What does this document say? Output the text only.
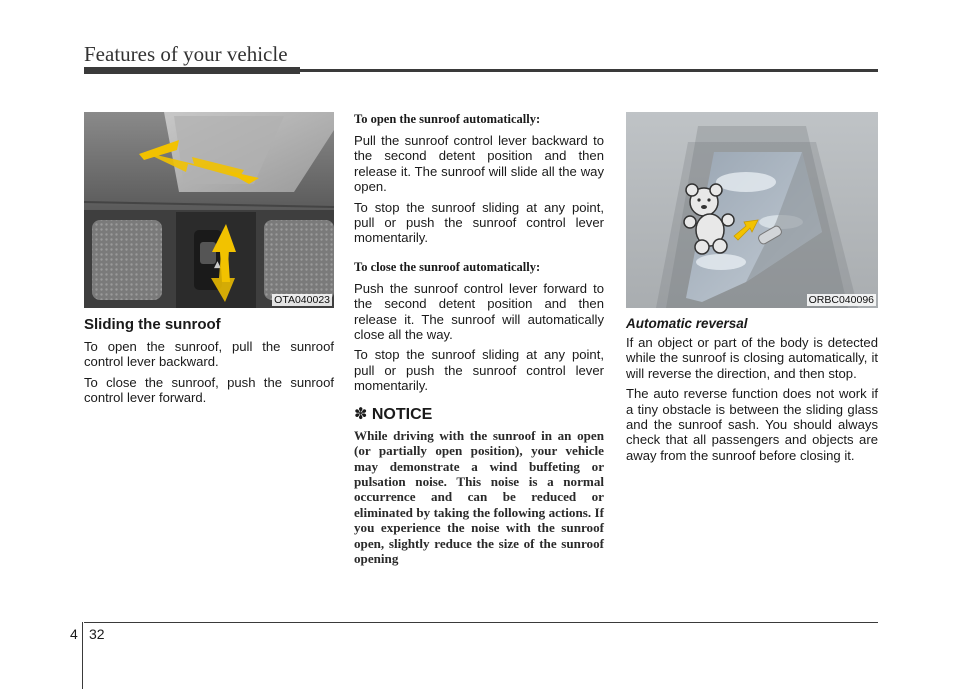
Features of your vehicle
▲
OTA040023
Sliding the sunroof

To open the sunroof, pull the sunroof control lever backward.

To close the sunroof, push the sunroof control lever forward.

To open the sunroof automatically:

Pull the sunroof control lever backward to the second detent position and then release it. The sunroof will slide all the way open.

To stop the sunroof sliding at any point, pull or push the sunroof control lever momentarily.

To close the sunroof automatically:

Push the sunroof control lever forward to the second detent position and then release it. The sunroof will automatically close all the way.

To stop the sunroof sliding at any point, pull or push the sunroof control lever momentarily.

✽ NOTICE

While driving with the sunroof in an open (or partially open position), your vehicle may demonstrate a wind buffeting or pulsation noise. This noise is a normal occurrence and can be reduced or eliminated by taking the following actions. If you experience the noise with the sunroof open, slightly reduce the size of the sunroof opening

ORBC040096
Automatic reversal

If an object or part of the body is detected while the sunroof is closing automatically, it will reverse the direction, and then stop.

The auto reverse function does not work if a tiny obstacle is between the sliding glass and the sunroof sash. You should always check that all passengers and objects are away from the sunroof before closing it.

4 32
